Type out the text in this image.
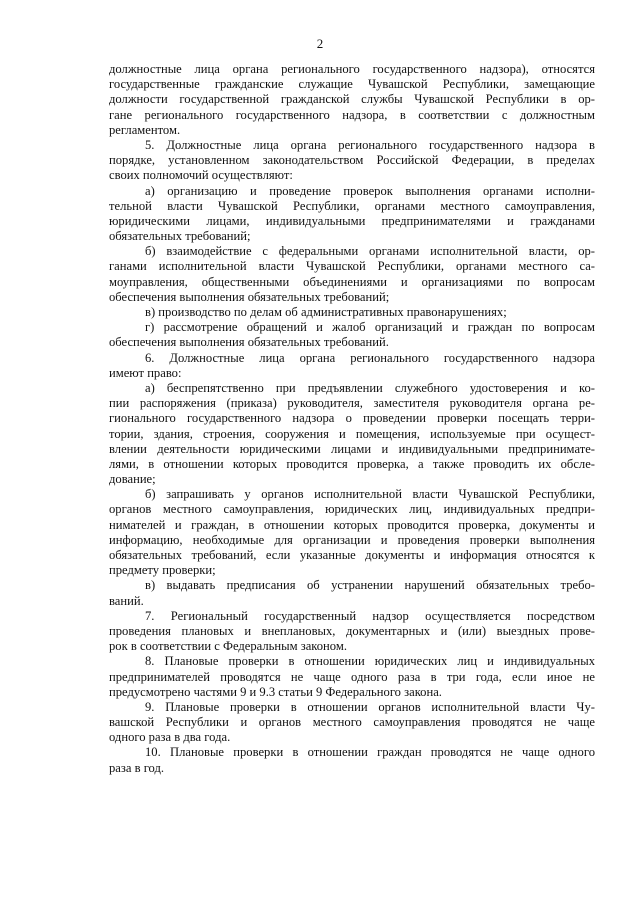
2
должностные лица органа регионального государственного надзора), относятся
государственные гражданские служащие Чувашской Республики, замещающие
должности государственной гражданской службы Чувашской Республики в ор-
гане регионального государственного надзора, в соответствии с должностным
регламентом.
5. Должностные лица органа регионального государственного надзора в
порядке, установленном законодательством Российской Федерации, в пределах
своих полномочий осуществляют:
а) организацию и проведение проверок выполнения органами исполни-
тельной власти Чувашской Республики, органами местного самоуправления,
юридическими лицами, индивидуальными предпринимателями и гражданами
обязательных требований;
б) взаимодействие с федеральными органами исполнительной власти, ор-
ганами исполнительной власти Чувашской Республики, органами местного са-
моуправления, общественными объединениями и организациями по вопросам
обеспечения выполнения обязательных требований;
в) производство по делам об административных правонарушениях;
г) рассмотрение обращений и жалоб организаций и граждан по вопросам
обеспечения выполнения обязательных требований.
6. Должностные лица органа регионального государственного надзора
имеют право:
а) беспрепятственно при предъявлении служебного удостоверения и ко-
пии распоряжения (приказа) руководителя, заместителя руководителя органа ре-
гионального государственного надзора о проведении проверки посещать терри-
тории, здания, строения, сооружения и помещения, используемые при осущест-
влении деятельности юридическими лицами и индивидуальными предпринимате-
лями, в отношении которых проводится проверка, а также проводить их обсле-
дование;
б) запрашивать у органов исполнительной власти Чувашской Республики,
органов местного самоуправления, юридических лиц, индивидуальных предпри-
нимателей и граждан, в отношении которых проводится проверка, документы и
информацию, необходимые для организации и проведения проверки выполнения
обязательных требований, если указанные документы и информация относятся к
предмету проверки;
в) выдавать предписания об устранении нарушений обязательных требо-
ваний.
7. Региональный государственный надзор осуществляется посредством
проведения плановых и внеплановых, документарных и (или) выездных прове-
рок в соответствии с Федеральным законом.
8. Плановые проверки в отношении юридических лиц и индивидуальных
предпринимателей проводятся не чаще одного раза в три года, если иное не
предусмотрено частями 9 и 9.3 статьи 9 Федерального закона.
9. Плановые проверки в отношении органов исполнительной власти Чу-
вашской Республики и органов местного самоуправления проводятся не чаще
одного раза в два года.
10. Плановые проверки в отношении граждан проводятся не чаще одного
раза в год.
